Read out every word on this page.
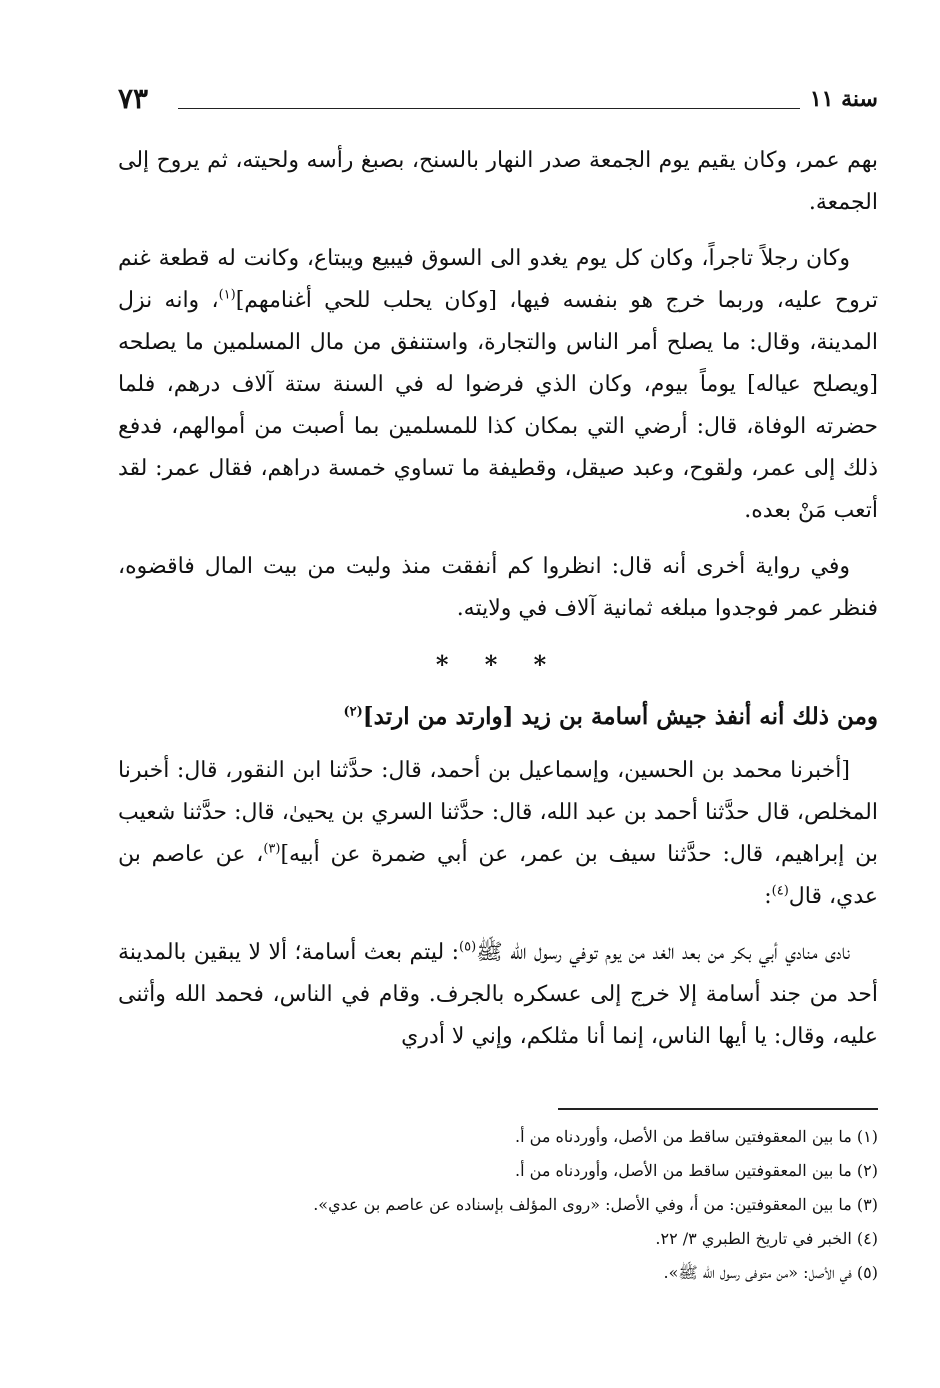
سنة ١١
٧٣

بهم عمر، وكان يقيم يوم الجمعة صدر النهار بالسنح، بصبغ رأسه ولحيته، ثم يروح إلى الجمعة.

وكان رجلاً تاجراً، وكان كل يوم يغدو الى السوق فيبيع ويبتاع، وكانت له قطعة غنم تروح عليه، وربما خرج هو بنفسه فيها، [وكان يحلب للحي أغنامهم]$^{(١)}$، وانه نزل المدينة، وقال: ما يصلح أمر الناس والتجارة، واستنفق من مال المسلمين ما يصلحه [ويصلح عياله] يوماً بيوم، وكان الذي فرضوا له في السنة ستة آلاف درهم، فلما حضرته الوفاة، قال: أرضي التي بمكان كذا للمسلمين بما أصبت من أموالهم، فدفع ذلك إلى عمر، ولقوح، وعبد صيقل، وقطيفة ما تساوي خمسة دراهم، فقال عمر: لقد أتعب مَنْ بعده.

وفي رواية أخرى أنه قال: انظروا كم أنفقت منذ وليت من بيت المال فاقضوه، فنظر عمر فوجدوا مبلغه ثمانية آلاف في ولايته.

* * *

ومن ذلك أنه أنفذ جيش أسامة بن زيد [وارتد من ارتد]$^{(٢)}$

[أخبرنا محمد بن الحسين، وإسماعيل بن أحمد، قال: حدَّثنا ابن النقور، قال: أخبرنا المخلص، قال حدَّثنا أحمد بن عبد الله، قال: حدَّثنا السري بن يحيىٰ، قال: حدَّثنا شعيب بن إبراهيم، قال: حدَّثنا سيف بن عمر، عن أبي ضمرة عن أبيه]$^{(٣)}$، عن عاصم بن عدي، قال$^{(٤)}$:

نادى منادي أبي بكر من بعد الغد من يوم توفي رسول الله ﷺ$^{(٥)}$: ليتم بعث أسامة؛ ألا لا يبقين بالمدينة أحد من جند أسامة إلا خرج إلى عسكره بالجرف. وقام في الناس، فحمد الله وأثنى عليه، وقال: يا أيها الناس، إنما أنا مثلكم، وإني لا أدري

(١) ما بين المعقوفتين ساقط من الأصل، وأوردناه من أ.

(٢) ما بين المعقوفتين ساقط من الأصل، وأوردناه من أ.

(٣) ما بين المعقوفتين: من أ، وفي الأصل: «روى المؤلف بإسناده عن عاصم بن عدي».

(٤) الخبر في تاريخ الطبري ٣/ ٢٢.

(٥) في الأصل: «من متوفى رسول الله ﷺ».
